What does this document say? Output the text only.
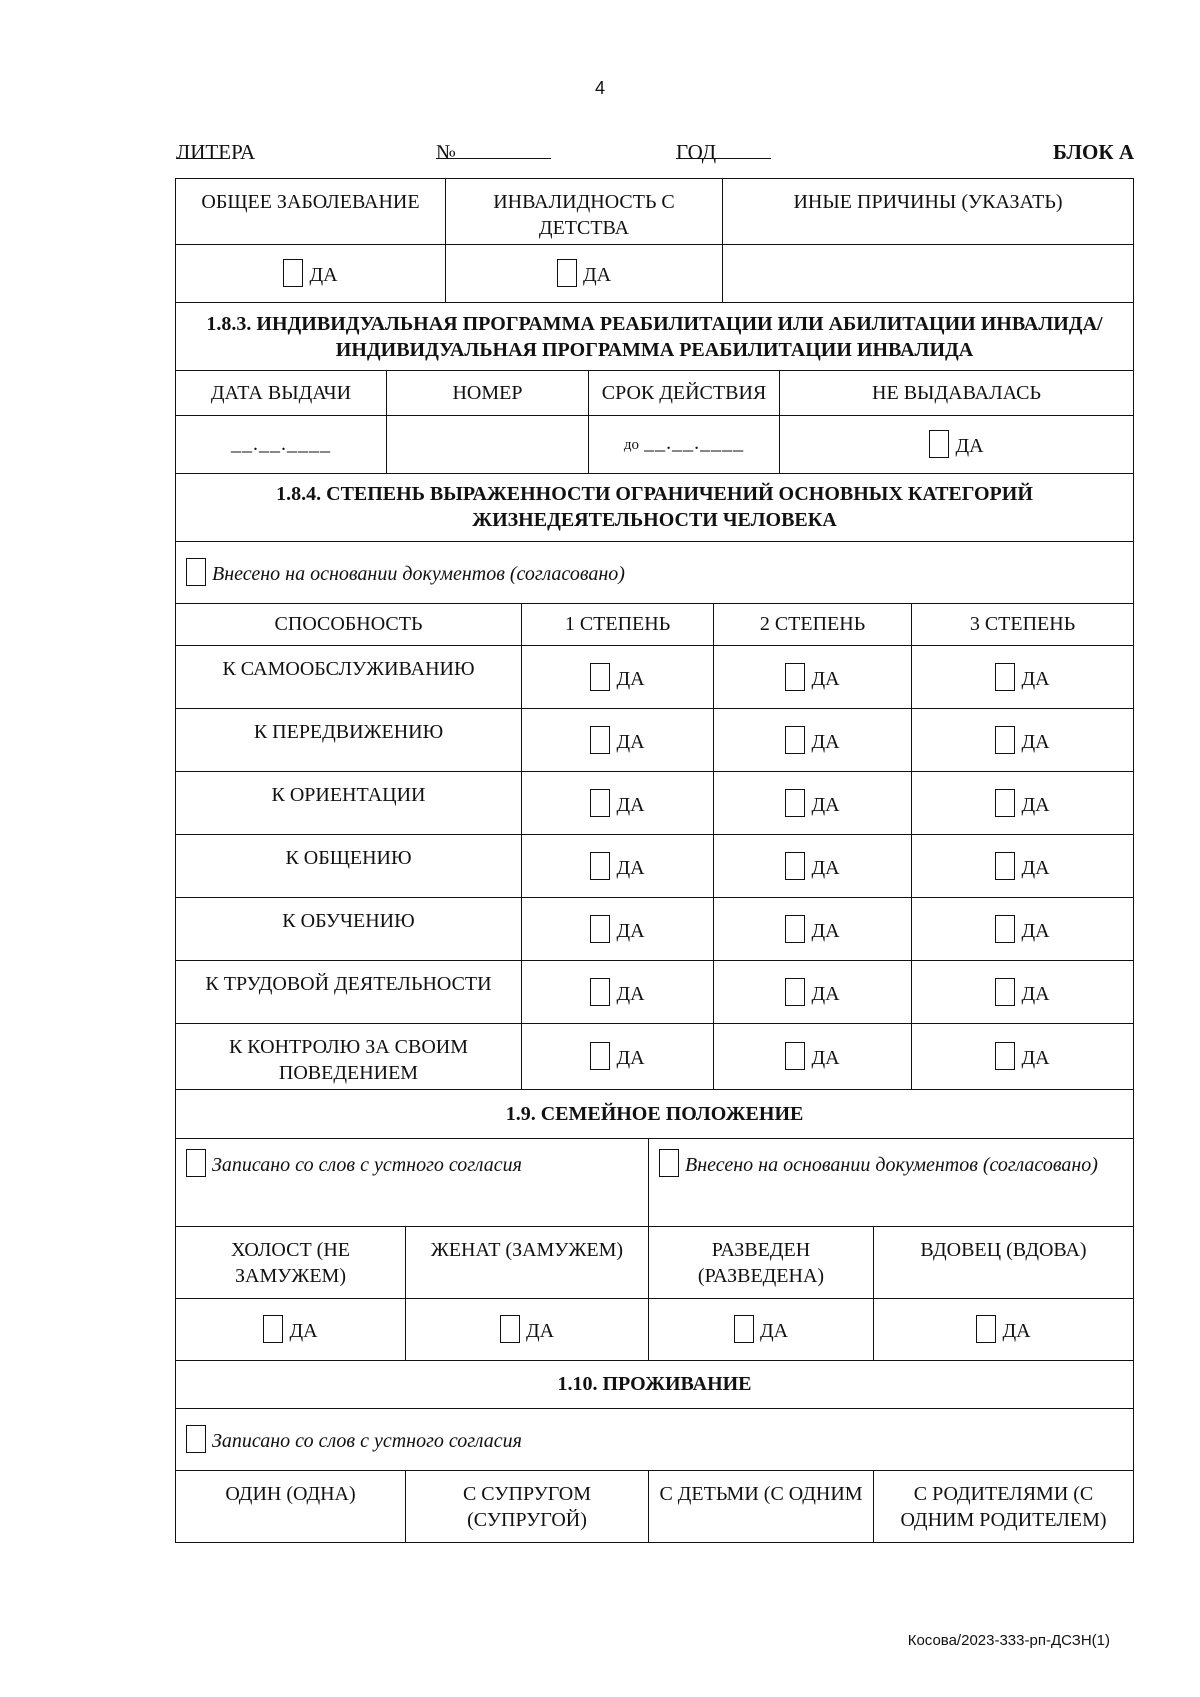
4
ЛИТЕРА	№	ГОД	БЛОК А
ОБЩЕЕ ЗАБОЛЕВАНИЕ	ИНВАЛИДНОСТЬ С ДЕТСТВА	ИНЫЕ ПРИЧИНЫ (УКАЗАТЬ)
ДА	ДА	
1.8.3. ИНДИВИДУАЛЬНАЯ ПРОГРАММА РЕАБИЛИТАЦИИ ИЛИ АБИЛИТАЦИИ ИНВАЛИДА/ИНДИВИДУАЛЬНАЯ ПРОГРАММА РЕАБИЛИТАЦИИ ИНВАЛИДА		
ДАТА ВЫДАЧИ	НОМЕР	СРОК ДЕЙСТВИЯ	НЕ ВЫДАВАЛАСЬ
__.__.____		до __.__.____	ДА
1.8.4. СТЕПЕНЬ ВЫРАЖЕННОСТИ ОГРАНИЧЕНИЙ ОСНОВНЫХ КАТЕГОРИЙ ЖИЗНЕДЕЯТЕЛЬНОСТИ ЧЕЛОВЕКА			
Внесено на основании документов (согласовано)			
СПОСОБНОСТЬ	1 СТЕПЕНЬ	2 СТЕПЕНЬ	3 СТЕПЕНЬ
К САМООБСЛУЖИВАНИЮ	ДА	ДА	ДА
К ПЕРЕДВИЖЕНИЮ	ДА	ДА	ДА
К ОРИЕНТАЦИИ	ДА	ДА	ДА
К ОБЩЕНИЮ	ДА	ДА	ДА
К ОБУЧЕНИЮ	ДА	ДА	ДА
К ТРУДОВОЙ ДЕЯТЕЛЬНОСТИ	ДА	ДА	ДА
К КОНТРОЛЮ ЗА СВОИМ ПОВЕДЕНИЕМ	ДА	ДА	ДА
1.9. СЕМЕЙНОЕ ПОЛОЖЕНИЕ			
Записано со слов с устного согласия		Внесено на основании документов (согласовано)	
ХОЛОСТ (НЕ ЗАМУЖЕМ)	ЖЕНАТ (ЗАМУЖЕМ)	РАЗВЕДЕН (РАЗВЕДЕНА)	ВДОВЕЦ (ВДОВА)
ДА	ДА	ДА	ДА
1.10. ПРОЖИВАНИЕ			
Записано со слов с устного согласия			
ОДИН (ОДНА)	С СУПРУГОМ (СУПРУГОЙ)	С ДЕТЬМИ (С ОДНИМ	С РОДИТЕЛЯМИ (С ОДНИМ РОДИТЕЛЕМ)
Косова/2023-333-рп-ДСЗН(1)
